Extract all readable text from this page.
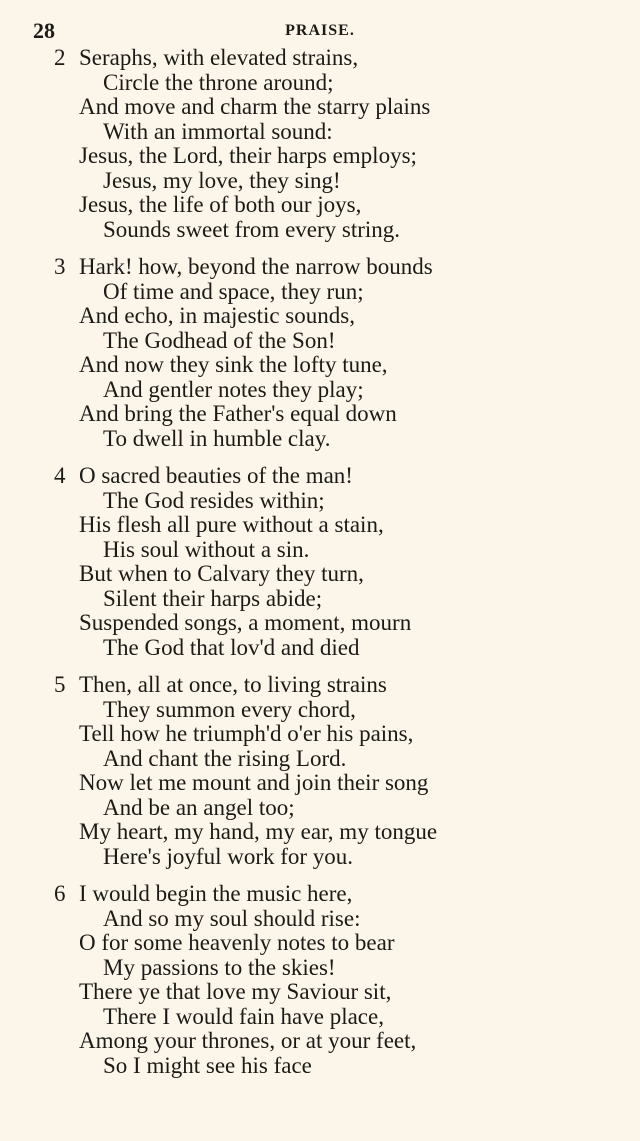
28	PRAISE.
2 Seraphs, with elevated strains,
Circle the throne around;
And move and charm the starry plains
With an immortal sound:
Jesus, the Lord, their harps employs;
Jesus, my love, they sing!
Jesus, the life of both our joys,
Sounds sweet from every string.
3 Hark! how, beyond the narrow bounds
Of time and space, they run;
And echo, in majestic sounds,
The Godhead of the Son!
And now they sink the lofty tune,
And gentler notes they play;
And bring the Father's equal down
To dwell in humble clay.
4 O sacred beauties of the man!
The God resides within;
His flesh all pure without a stain,
His soul without a sin.
But when to Calvary they turn,
Silent their harps abide;
Suspended songs, a moment, mourn
The God that lov'd and died
5 Then, all at once, to living strains
They summon every chord,
Tell how he triumph'd o'er his pains,
And chant the rising Lord.
Now let me mount and join their song
And be an angel too;
My heart, my hand, my ear, my tongue
Here's joyful work for you.
6 I would begin the music here,
And so my soul should rise:
O for some heavenly notes to bear
My passions to the skies!
There ye that love my Saviour sit,
There I would fain have place,
Among your thrones, or at your feet,
So I might see his face
